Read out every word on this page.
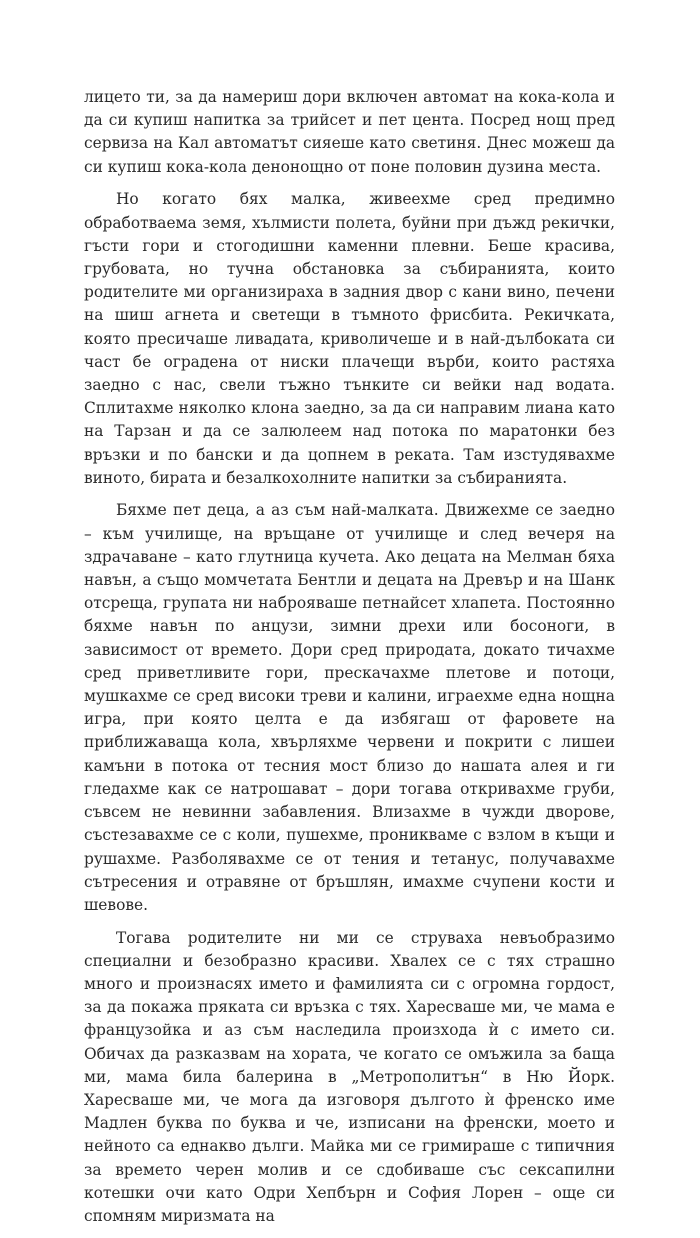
лицето ти, за да намериш дори включен автомат на кока-кола и да си купиш напитка за трийсет и пет цента. Посред нощ пред сервиза на Кал автоматът сияеше като светиня. Днес можеш да си купиш кока-кола денонощно от поне половин дузина места.

Но когато бях малка, живеехме сред предимно обработваема земя, хълмисти полета, буйни при дъжд рекички, гъсти гори и стогодишни каменни плевни. Беше красива, грубовата, но тучна обстановка за събиранията, които родителите ми организираха в задния двор с кани вино, печени на шиш агнета и светещи в тъмното фрисбита. Рекичката, която пресичаше ливадата, криволичеше и в най-дълбоката си част бе оградена от ниски плачещи върби, които растяха заедно с нас, свели тъжно тънките си вейки над водата. Сплитахме няколко клона заедно, за да си направим лиана като на Тарзан и да се залюлеем над потока по маратонки без връзки и по бански и да цопнем в реката. Там изстудявахме виното, бирата и безалкохолните напитки за събиранията.

Бяхме пет деца, а аз съм най-малката. Движехме се заедно – към училище, на връщане от училище и след вечеря на здрачаване – като глутница кучета. Ако децата на Мелман бяха навън, а също момчетата Бентли и децата на Древър и на Шанк отсреща, групата ни наброяваше петнайсет хлапета. Постоянно бяхме навън по анцузи, зимни дрехи или босоноги, в зависимост от времето. Дори сред природата, докато тичахме сред приветливите гори, прескачахме плетове и потоци, мушкахме се сред високи треви и калини, играехме една нощна игра, при която целта е да избягаш от фаровете на приближаваща кола, хвърляхме червени и покрити с лишеи камъни в потока от тесния мост близо до нашата алея и ги гледахме как се натрошават – дори тогава откривахме груби, съвсем не невинни забавления. Влизахме в чужди дворове, състезавахме се с коли, пушехме, проникваме с взлом в къщи и рушахме. Разболявахме се от тения и тетанус, получавахме сътресения и отравяне от бръшлян, имахме счупени кости и шевове.

Тогава родителите ни ми се струваха невъобразимо специални и безобразно красиви. Хвалех се с тях страшно много и произнасях името и фамилията си с огромна гордост, за да покажа пряката си връзка с тях. Харесваше ми, че мама е французойка и аз съм наследила произхода ѝ с името си. Обичах да разказвам на хората, че когато се омъжила за баща ми, мама била балерина в „Метрополитън“ в Ню Йорк. Харесваше ми, че мога да изговоря дългото ѝ френско име Мадлен буква по буква и че, изписани на френски, моето и нейното са еднакво дълги. Майка ми се гримираше с типичния за времето черен молив и се сдобиваше със сексапилни котешки очи като Одри Хепбърн и София Лорен – още си спомням миризмата на
